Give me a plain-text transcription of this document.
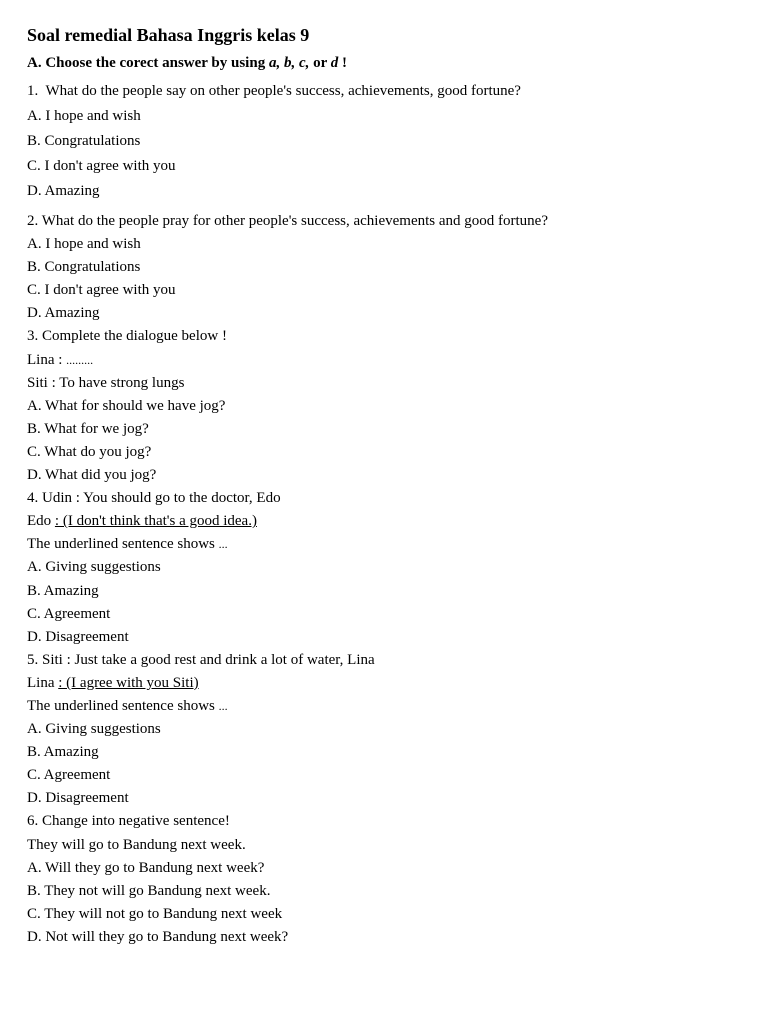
Soal remedial Bahasa Inggris kelas 9
A. Choose the corect answer by using a, b, c, or d !
1.  What do the people say on other people's success, achievements, good fortune?
A. I hope and wish
B. Congratulations
C. I don't agree with you
D. Amazing
2. What do the people pray for other people's success, achievements and good fortune?
A. I hope and wish
B. Congratulations
C. I don't agree with you
D. Amazing
3. Complete the dialogue below !
Lina : .........
Siti : To have strong lungs
A. What for should we have jog?
B. What for we jog?
C. What do you jog?
D. What did you jog?
4. Udin : You should go to the doctor, Edo
Edo : (I don't think that's a good idea.)
The underlined sentence shows ...
A. Giving suggestions
B. Amazing
C. Agreement
D. Disagreement
5. Siti : Just take a good rest and drink a lot of water, Lina
Lina : (I agree with you Siti)
The underlined sentence shows ...
A. Giving suggestions
B. Amazing
C. Agreement
D. Disagreement
6. Change into negative sentence!
They will go to Bandung next week.
A. Will they go to Bandung next week?
B. They not will go Bandung next week.
C. They will not go to Bandung next week
D. Not will they go to Bandung next week?
